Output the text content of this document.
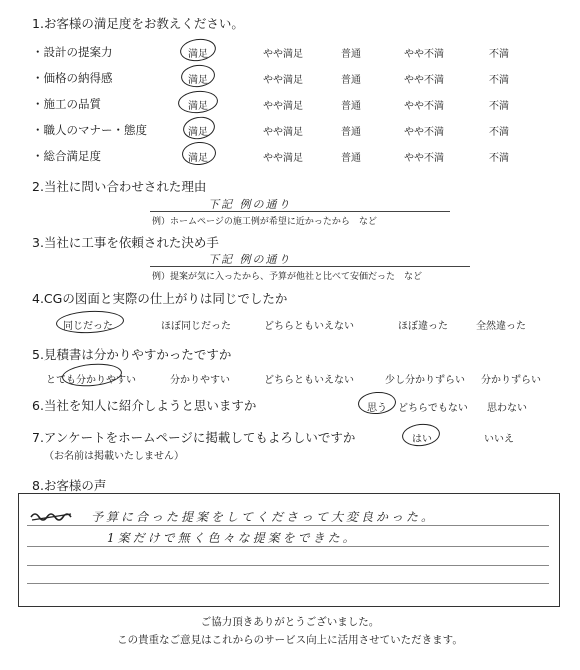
1.お客様の満足度をお教えください。
・設計の提案力	満足	やや満足	普通	やや不満	不満
・価格の納得感	満足	やや満足	普通	やや不満	不満
・施工の品質	満足	やや満足	普通	やや不満	不満
・職人のマナー・態度	満足	やや満足	普通	やや不満	不満
・総合満足度	満足	やや満足	普通	やや不満	不満
2.当社に問い合わせされた理由
下記 例の通り
例）ホームページの施工例が希望に近かったから　など
3.当社に工事を依頼された決め手
下記 例の通り
例）提案が気に入ったから、予算が他社と比べて安価だった　など
4.CGの図面と実際の仕上がりは同じでしたか
同じだった	ほぼ同じだった	どちらともいえない	ほぼ違った	全然違った
5.見積書は分かりやすかったですか
とても分かりやすい	分かりやすい	どちらともいえない	少し分かりずらい 分かりずらい
6.当社を知人に紹介しようと思いますか	思う どちらでもない 思わない
7.アンケートをホームページに掲載してもよろしいですか
（お名前は掲載いたしません）
はい	いいえ
8.お客様の声
予算に合った提案をしてくださって大変良かった。
1案だけで無く色々な提案をできた。
ご協力頂きありがとうございました。
この貴重なご意見はこれからのサービス向上に活用させていただきます。
